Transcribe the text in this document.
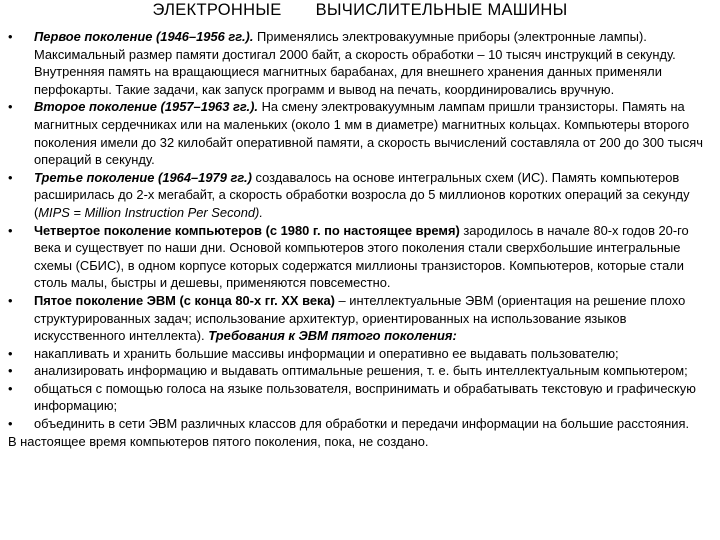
ЭЛЕКТРОННЫЕ ВЫЧИСЛИТЕЛЬНЫЕ МАШИНЫ
• Первое поколение (1946–1956 гг.). Применялись электровакуумные приборы (электронные лампы). Максимальный размер памяти достигал 2000 байт, а скорость обработки – 10 тысяч инструкций в секунду. Внутренняя память на вращающиеся магнитных барабанах, для внешнего хранения данных применяли перфокарты. Такие задачи, как запуск программ и вывод на печать, координировались вручную.
• Второе поколение (1957–1963 гг.). На смену электровакуумным лампам пришли транзисторы. Память на магнитных сердечниках или на маленьких (около 1 мм в диаметре) магнитных кольцах. Компьютеры второго поколения имели до 32 килобайт оперативной памяти, а скорость вычислений составляла от 200 до 300 тысяч операций в секунду.
• Третье поколение (1964–1979 гг.) создавалось на основе интегральных схем (ИС). Память компьютеров расширилась до 2-х мегабайт, а скорость обработки возросла до 5 миллионов коротких операций за секунду (MIPS = Million Instruction Per Second).
• Четвертое поколение компьютеров (с 1980 г. по настоящее время) зародилось в начале 80-х годов 20-го века и существует по наши дни. Основой компьютеров этого поколения стали сверхбольшие интегральные схемы (СБИС), в одном корпусе которых содержатся миллионы транзисторов. Компьютеров, которые стали столь малы, быстры и дешевы, применяются повсеместно.
• Пятое поколение ЭВМ (с конца 80-х гг. XX века) – интеллектуальные ЭВМ (ориентация на решение плохо структурированных задач; использование архитектур, ориентированных на использование языков искусственного интеллекта). Требования к ЭВМ пятого поколения:
• накапливать и хранить большие массивы информации и оперативно ее выдавать пользователю;
• анализировать информацию и выдавать оптимальные решения, т. е. быть интеллектуальным компьютером;
• общаться с помощью голоса на языке пользователя, воспринимать и обрабатывать текстовую и графическую информацию;
• объединить в сети ЭВМ различных классов для обработки и передачи информации на большие расстояния.
В настоящее время компьютеров пятого поколения, пока, не создано.
